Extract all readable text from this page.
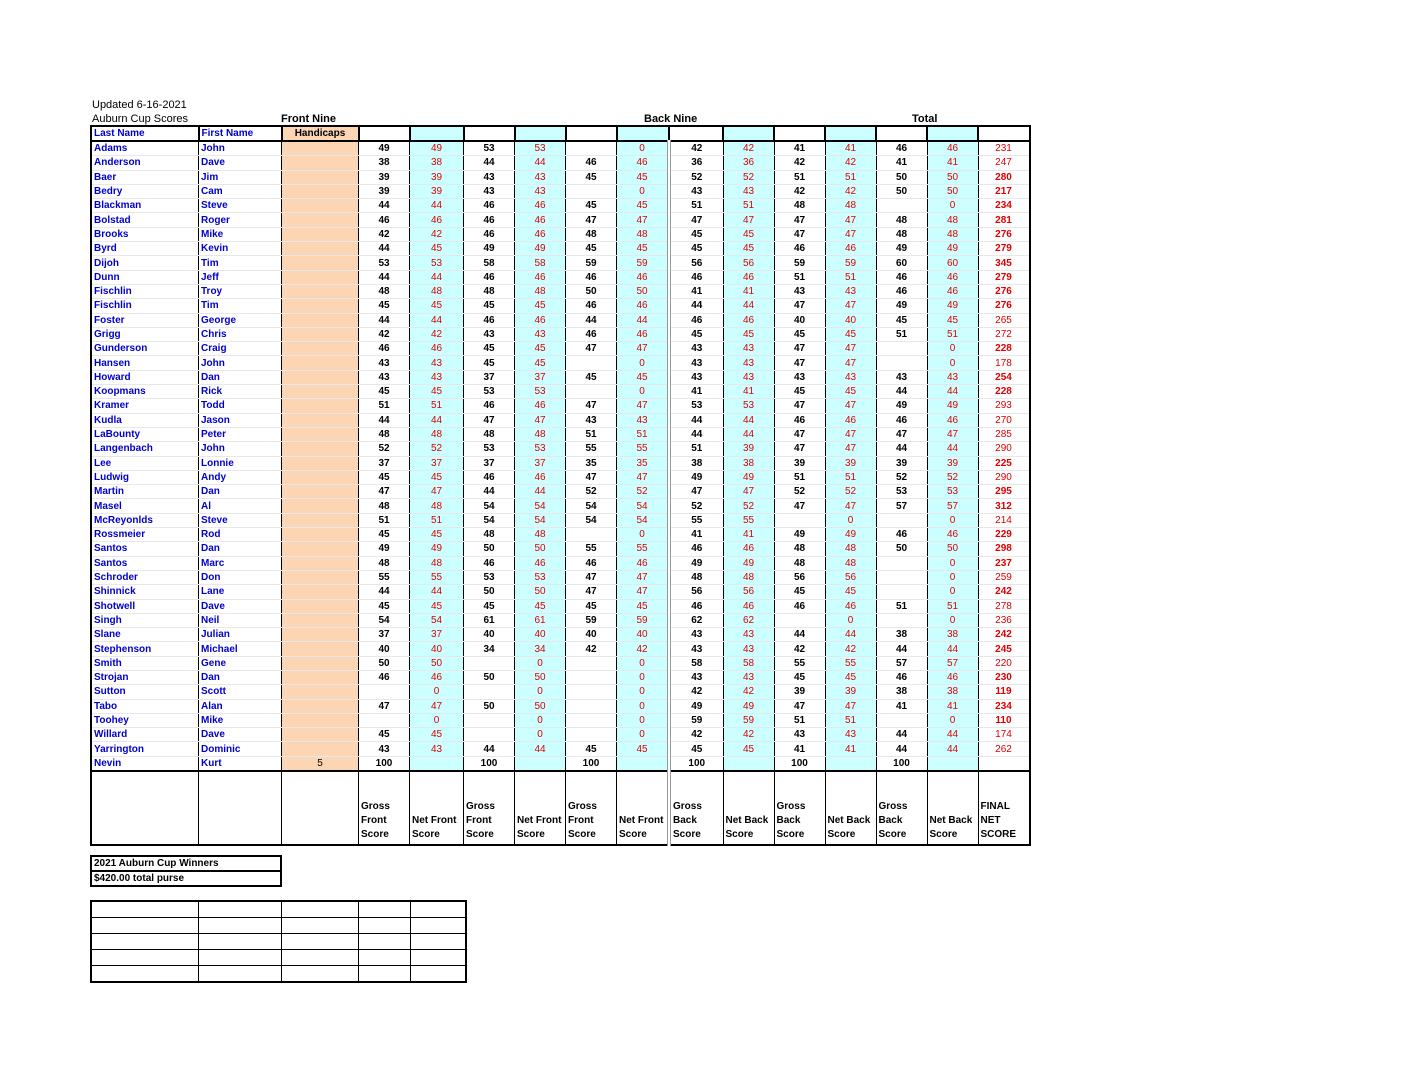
Updated 6-16-2021
Auburn Cup Scores	Front Nine	Back Nine	Total
Last Name	First Name	Handicaps													
Adams	John		49	49	53	53		0	42	42	41	41	46	46	231
Anderson	Dave		38	38	44	44	46	46	36	36	42	42	41	41	247
Baer	Jim		39	39	43	43	45	45	52	52	51	51	50	50	280
Bedry	Cam		39	39	43	43		0	43	43	42	42	50	50	217
Blackman	Steve		44	44	46	46	45	45	51	51	48	48		0	234
Bolstad	Roger		46	46	46	46	47	47	47	47	47	47	48	48	281
Brooks	Mike		42	42	46	46	48	48	45	45	47	47	48	48	276
Byrd	Kevin		44	45	49	49	45	45	45	45	46	46	49	49	279
Dijoh	Tim		53	53	58	58	59	59	56	56	59	59	60	60	345
Dunn	Jeff		44	44	46	46	46	46	46	46	51	51	46	46	279
Fischlin	Troy		48	48	48	48	50	50	41	41	43	43	46	46	276
Fischlin	Tim		45	45	45	45	46	46	44	44	47	47	49	49	276
Foster	George		44	44	46	46	44	44	46	46	40	40	45	45	265
Grigg	Chris		42	42	43	43	46	46	45	45	45	45	51	51	272
Gunderson	Craig		46	46	45	45	47	47	43	43	47	47		0	228
Hansen	John		43	43	45	45		0	43	43	47	47		0	178
Howard	Dan		43	43	37	37	45	45	43	43	43	43	43	43	254
Koopmans	Rick		45	45	53	53		0	41	41	45	45	44	44	228
Kramer	Todd		51	51	46	46	47	47	53	53	47	47	49	49	293
Kudla	Jason		44	44	47	47	43	43	44	44	46	46	46	46	270
LaBounty	Peter		48	48	48	48	51	51	44	44	47	47	47	47	285
Langenbach	John		52	52	53	53	55	55	51	39	47	47	44	44	290
Lee	Lonnie		37	37	37	37	35	35	38	38	39	39	39	39	225
Ludwig	Andy		45	45	46	46	47	47	49	49	51	51	52	52	290
Martin	Dan		47	47	44	44	52	52	47	47	52	52	53	53	295
Masel	Al		48	48	54	54	54	54	52	52	47	47	57	57	312
McReyonlds	Steve		51	51	54	54	54	54	55	55		0		0	214
Rossmeier	Rod		45	45	48	48		0	41	41	49	49	46	46	229
Santos	Dan		49	49	50	50	55	55	46	46	48	48	50	50	298
Santos	Marc		48	48	46	46	46	46	49	49	48	48		0	237
Schroder	Don		55	55	53	53	47	47	48	48	56	56		0	259
Shinnick	Lane		44	44	50	50	47	47	56	56	45	45		0	242
Shotwell	Dave		45	45	45	45	45	45	46	46	46	46	51	51	278
Singh	Neil		54	54	61	61	59	59	62	62		0		0	236
Slane	Julian		37	37	40	40	40	40	43	43	44	44	38	38	242
Stephenson	Michael		40	40	34	34	42	42	43	43	42	42	44	44	245
Smith	Gene		50	50		0		0	58	58	55	55	57	57	220
Strojan	Dan		46	46	50	50		0	43	43	45	45	46	46	230
Sutton	Scott			0		0		0	42	42	39	39	38	38	119
Tabo	Alan		47	47	50	50		0	49	49	47	47	41	41	234
Toohey	Mike			0		0		0	59	59	51	51		0	110
Willard	Dave		45	45		0		0	42	42	43	43	44	44	174
Yarrington	Dominic		43	43	44	44	45	45	45	45	41	41	44	44	262
Nevin	Kurt	5	100		100		100		100		100		100		
			Gross Front Score	Net Front Score	Gross Front Score	Net Front Score	Gross Front Score	Net Front Score	Gross Back Score	Net Back Score	Gross Back Score	Net Back Score	Gross Back Score	Net Back Score	FINAL NET SCORE
2021 Auburn Cup Winners
$420.00 total purse
